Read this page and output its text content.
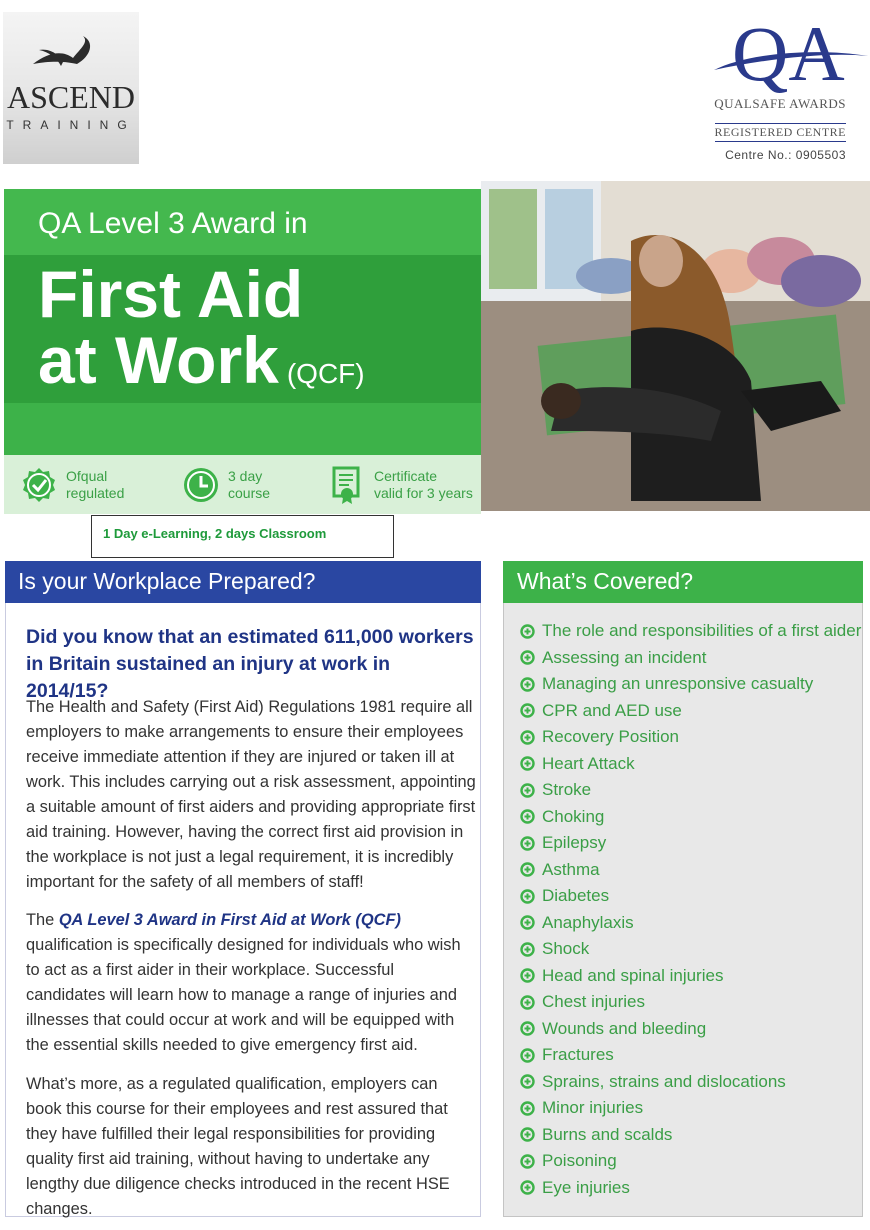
ASCEND
TRAINING
QA
QUALSAFE AWARDS
REGISTERED CENTRE
Centre No.: 0905503
QA Level 3 Award in
First Aid
at Work (QCF)
Ofqual
regulated
3 day
course
Certificate
valid for 3 years
1 Day e-Learning, 2 days Classroom
Is your Workplace Prepared?
Did you know that an estimated 611,000 workers in Britain sustained an injury at work in 2014/15?
The Health and Safety (First Aid) Regulations 1981 require all employers to make arrangements to ensure their employees receive immediate attention if they are injured or taken ill at work. This includes carrying out a risk assessment, appointing a suitable amount of first aiders and providing appropriate first aid training. However, having the correct first aid provision in the workplace is not just a legal requirement, it is incredibly important for the safety of all members of staff!
The QA Level 3 Award in First Aid at Work (QCF) qualification is specifically designed for individuals who wish to act as a first aider in their workplace. Successful candidates will learn how to manage a range of injuries and illnesses that could occur at work and will be equipped with the essential skills needed to give emergency first aid.
What’s more, as a regulated qualification, employers can book this course for their employees and rest assured that they have fulfilled their legal responsibilities for providing quality first aid training, without having to undertake any lengthy due diligence checks introduced in the recent HSE changes.
What’s Covered?
The role and responsibilities of a first aider
Assessing an incident
Managing an unresponsive casualty
CPR and AED use
Recovery Position
Heart Attack
Stroke
Choking
Epilepsy
Asthma
Diabetes
Anaphylaxis
Shock
Head and spinal injuries
Chest injuries
Wounds and bleeding
Fractures
Sprains, strains and dislocations
Minor injuries
Burns and scalds
Poisoning
Eye injuries
